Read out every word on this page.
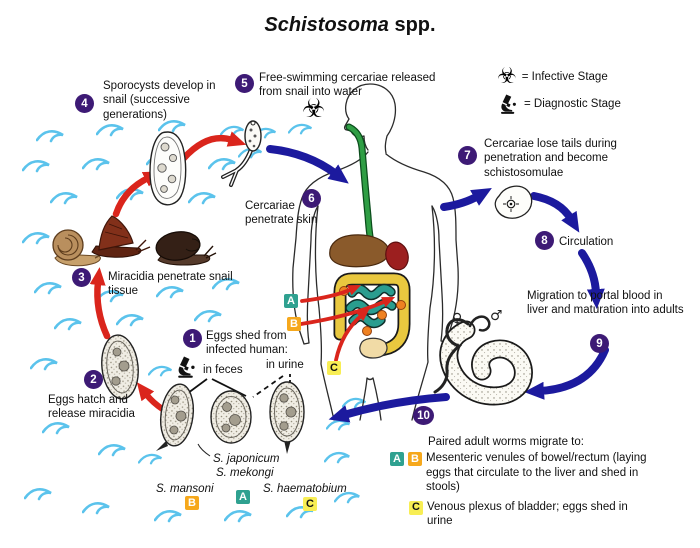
Schistosoma spp.
☣ = Infective Stage
= Diagnostic Stage
☣
1
2
3
4
5
6
7
8
9
10
Eggs shed from infected human:
in feces in urine
Eggs hatch and release miracidia
Miracidia penetrate snail tissue
Sporocysts develop in snail (successive generations)
Free-swimming cercariae released from snail into water
Cercariae penetrate skin
Cercariae lose tails during penetration and become schistosomulae
Circulation
Migration to portal blood in liver and maturation into adults
Paired adult worms migrate to:
A B Mesenteric venules of bowel/rectum (laying eggs that circulate to the liver and shed in stools)
C Venous plexus of bladder; eggs shed in urine
A
B
C
S. japonicum
S. mekongi
S. mansoni	S. haematobium
B	A
C
♀ ♂
